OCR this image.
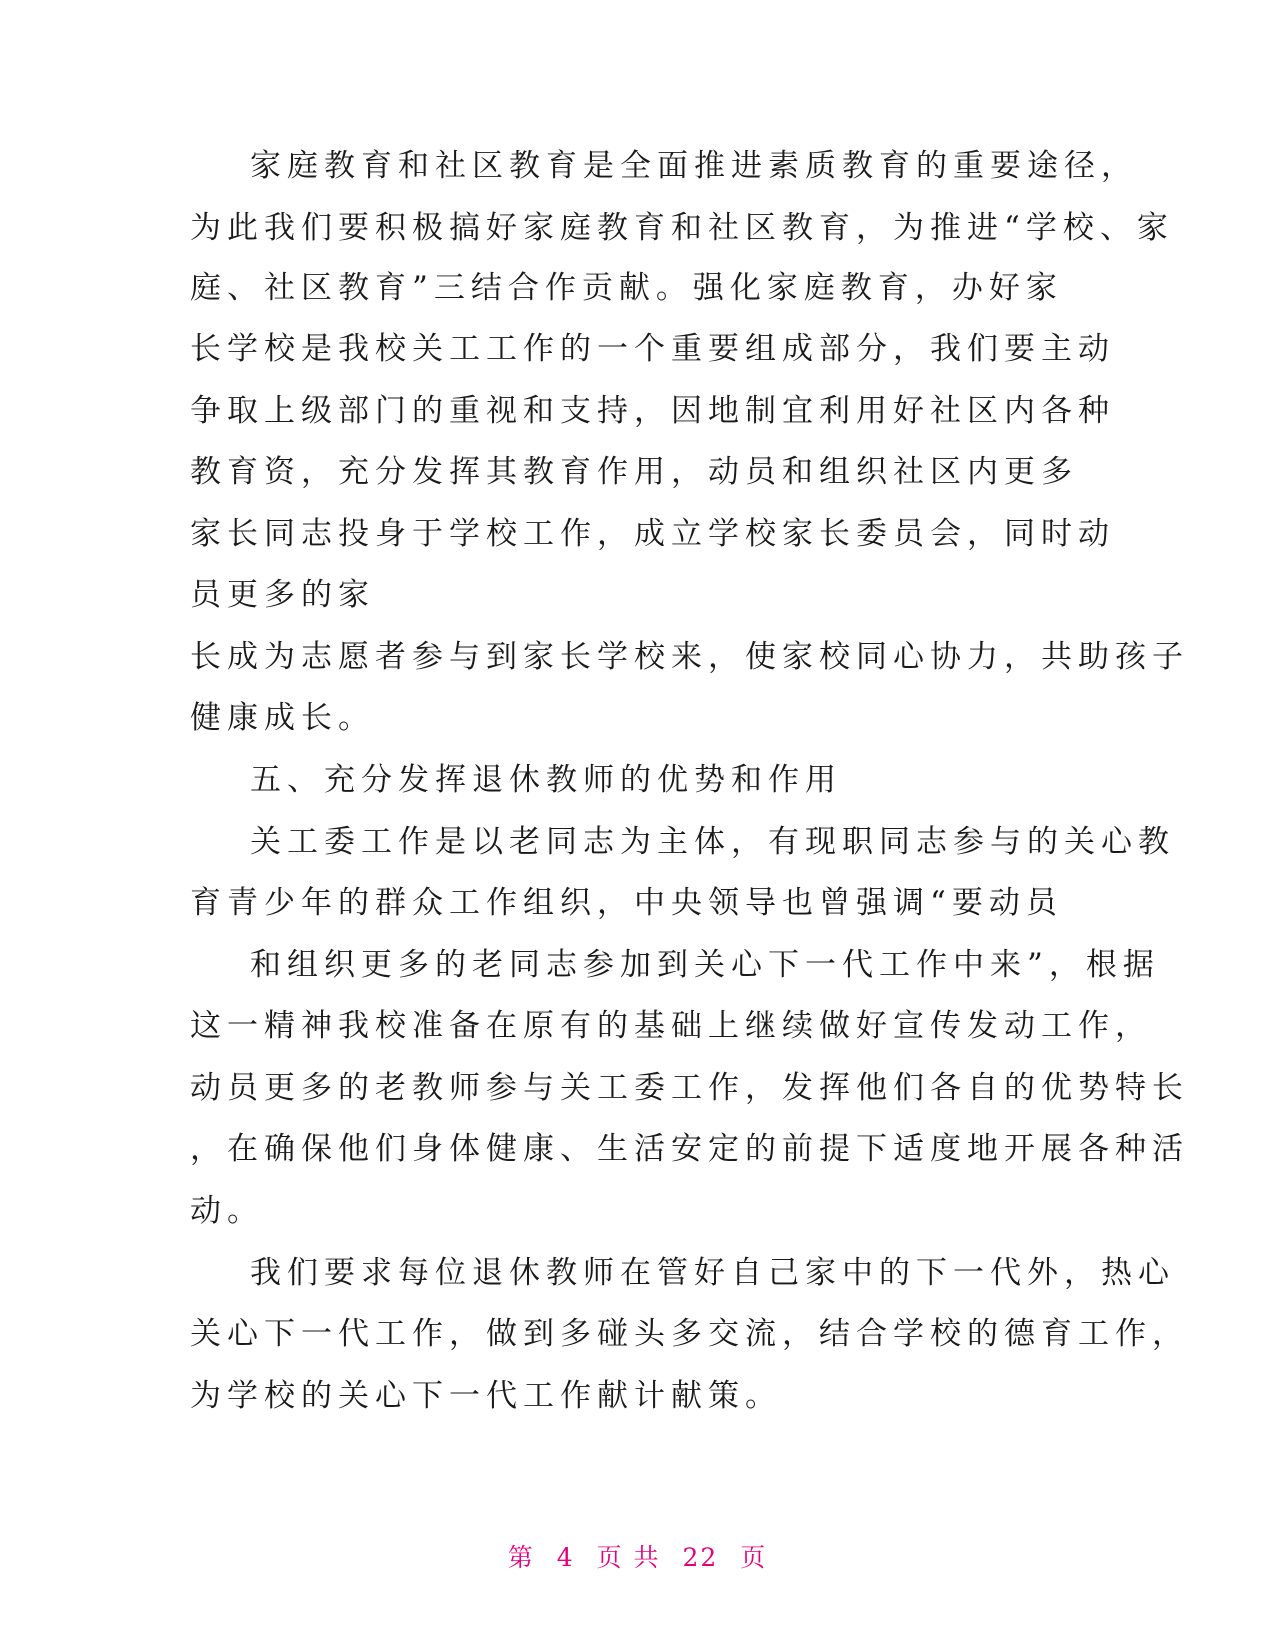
家庭教育和社区教育是全面推进素质教育的重要途径，
为此我们要积极搞好家庭教育和社区教育，为推进“学校、家
庭、社区教育”三结合作贡献。强化家庭教育，办好家
长学校是我校关工工作的一个重要组成部分，我们要主动
争取上级部门的重视和支持，因地制宜利用好社区内各种
教育资，充分发挥其教育作用，动员和组织社区内更多
家长同志投身于学校工作，成立学校家长委员会，同时动
员更多的家
长成为志愿者参与到家长学校来，使家校同心协力，共助孩子
健康成长。
五、充分发挥退休教师的优势和作用
关工委工作是以老同志为主体，有现职同志参与的关心教
育青少年的群众工作组织，中央领导也曾强调“要动员
和组织更多的老同志参加到关心下一代工作中来”，根据
这一精神我校准备在原有的基础上继续做好宣传发动工作，
动员更多的老教师参与关工委工作，发挥他们各自的优势特长
，在确保他们身体健康、生活安定的前提下适度地开展各种活
动。
我们要求每位退休教师在管好自己家中的下一代外，热心
关心下一代工作，做到多碰头多交流，结合学校的德育工作，
为学校的关心下一代工作献计献策。
第 4 页 共 22 页
